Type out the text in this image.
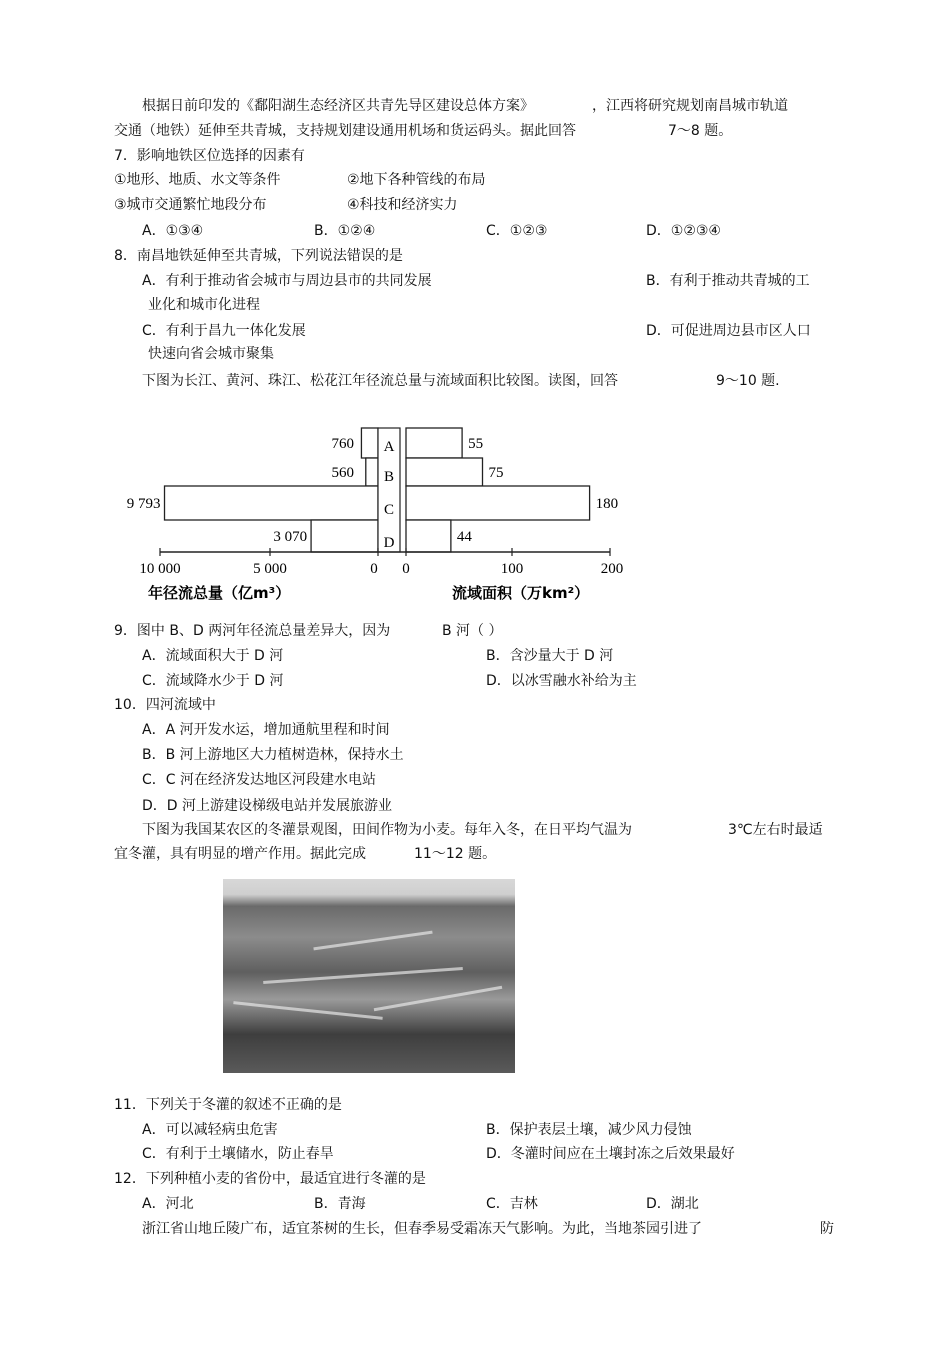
根据日前印发的《鄱阳湖生态经济区共青先导区建设总体方案》	，江西将研究规划南昌城市轨道
交通（地铁）延伸至共青城，支持规划建设通用机场和货运码头。据此回答	7～8 题。
7．影响地铁区位选择的因素有
①地形、地质、水文等条件	②地下各种管线的布局
③城市交通繁忙地段分布	④科技和经济实力
A．①③④	B．①②④	C．①②③	D．①②③④
8．南昌地铁延伸至共青城，下列说法错误的是
A．有利于推动省会城市与周边县市的共同发展	B．有利于推动共青城的工
业化和城市化进程
C．有利于昌九一体化发展	D．可促进周边县市区人口
快速向省会城市聚集
下图为长江、黄河、珠江、松花江年径流总量与流域面积比较图。读图，回答	9～10 题.
760
560
9 793
3 070
55
75
180
44
A
B
C
D
10 000	5 000	0 0	100	200
年径流总量（亿m³）	流域面积（万km²）
9．图中 B、D 两河年径流总量差异大，因为	B 河（ ）
A．流域面积大于 D 河	B．含沙量大于 D 河
C．流域降水少于 D 河	D．以冰雪融水补给为主
10．四河流域中
A．A 河开发水运，增加通航里程和时间
B．B 河上游地区大力植树造林，保持水土
C．C 河在经济发达地区河段建水电站
D．D 河上游建设梯级电站并发展旅游业
下图为我国某农区的冬灌景观图，田间作物为小麦。每年入冬，在日平均气温为	3℃左右时最适
宜冬灌，具有明显的增产作用。据此完成	11～12 题。
11．下列关于冬灌的叙述不正确的是
A．可以减轻病虫危害	B．保护表层土壤，减少风力侵蚀
C．有利于土壤储水，防止春旱	D．冬灌时间应在土壤封冻之后效果最好
12．下列种植小麦的省份中，最适宜进行冬灌的是
A．河北	B．青海	C．吉林	D．湖北
浙江省山地丘陵广布，适宜茶树的生长，但春季易受霜冻天气影响。为此，当地茶园引进了	防
